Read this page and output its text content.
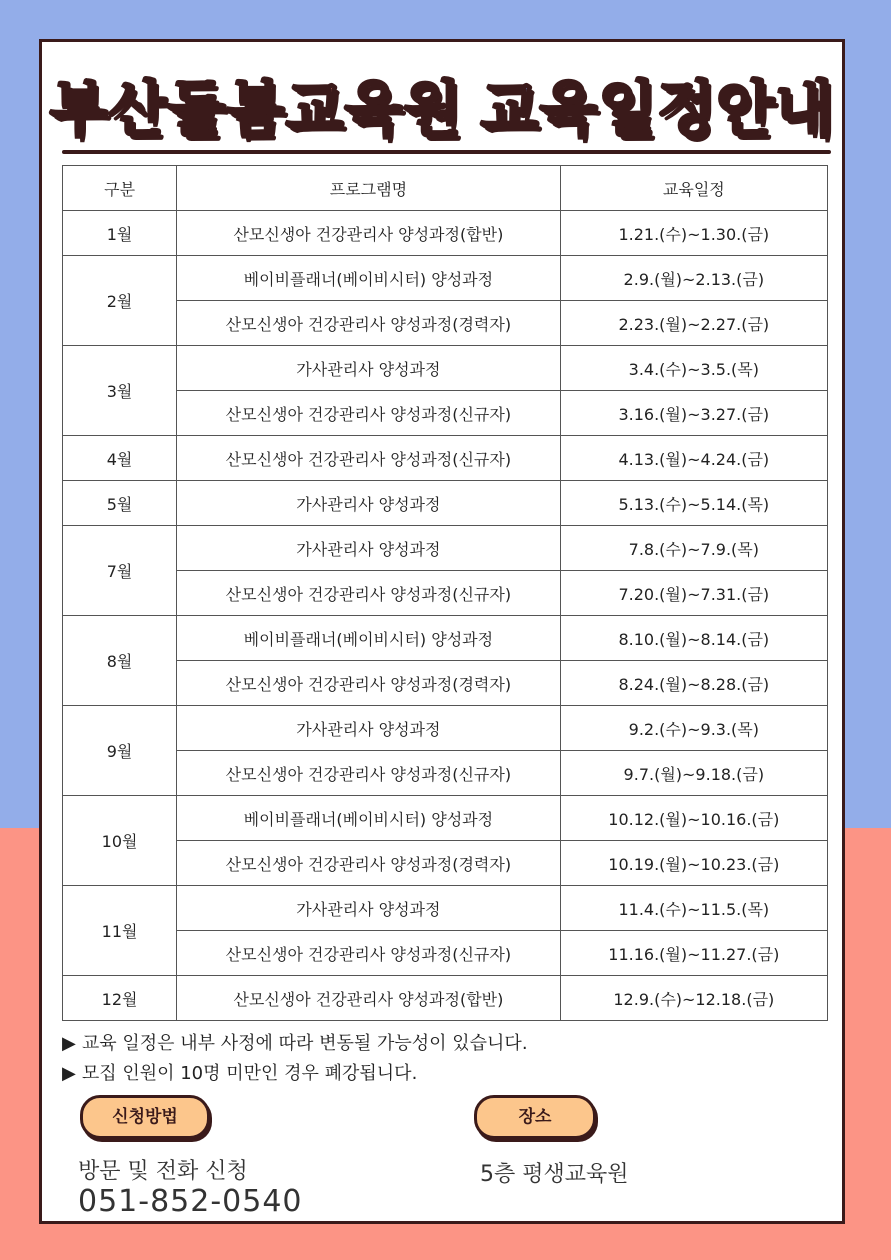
부산돌봄교육원 교육일정안내
구분	프로그램명	교육일정
1월	산모신생아 건강관리사 양성과정(합반)	1.21.(수)~1.30.(금)
2월	베이비플래너(베이비시터) 양성과정	2.9.(월)~2.13.(금)
	산모신생아 건강관리사 양성과정(경력자)	2.23.(월)~2.27.(금)
3월	가사관리사 양성과정	3.4.(수)~3.5.(목)
	산모신생아 건강관리사 양성과정(신규자)	3.16.(월)~3.27.(금)
4월	산모신생아 건강관리사 양성과정(신규자)	4.13.(월)~4.24.(금)
5월	가사관리사 양성과정	5.13.(수)~5.14.(목)
7월	가사관리사 양성과정	7.8.(수)~7.9.(목)
	산모신생아 건강관리사 양성과정(신규자)	7.20.(월)~7.31.(금)
8월	베이비플래너(베이비시터) 양성과정	8.10.(월)~8.14.(금)
	산모신생아 건강관리사 양성과정(경력자)	8.24.(월)~8.28.(금)
9월	가사관리사 양성과정	9.2.(수)~9.3.(목)
	산모신생아 건강관리사 양성과정(신규자)	9.7.(월)~9.18.(금)
10월	베이비플래너(베이비시터) 양성과정	10.12.(월)~10.16.(금)
	산모신생아 건강관리사 양성과정(경력자)	10.19.(월)~10.23.(금)
11월	가사관리사 양성과정	11.4.(수)~11.5.(목)
	산모신생아 건강관리사 양성과정(신규자)	11.16.(월)~11.27.(금)
12월	산모신생아 건강관리사 양성과정(합반)	12.9.(수)~12.18.(금)
▶ 교육 일정은 내부 사정에 따라 변동될 가능성이 있습니다.
▶ 모집 인원이 10명 미만인 경우 폐강됩니다.
신청방법
방문 및 전화 신청
051-852-0540
장소
5층 평생교육원
